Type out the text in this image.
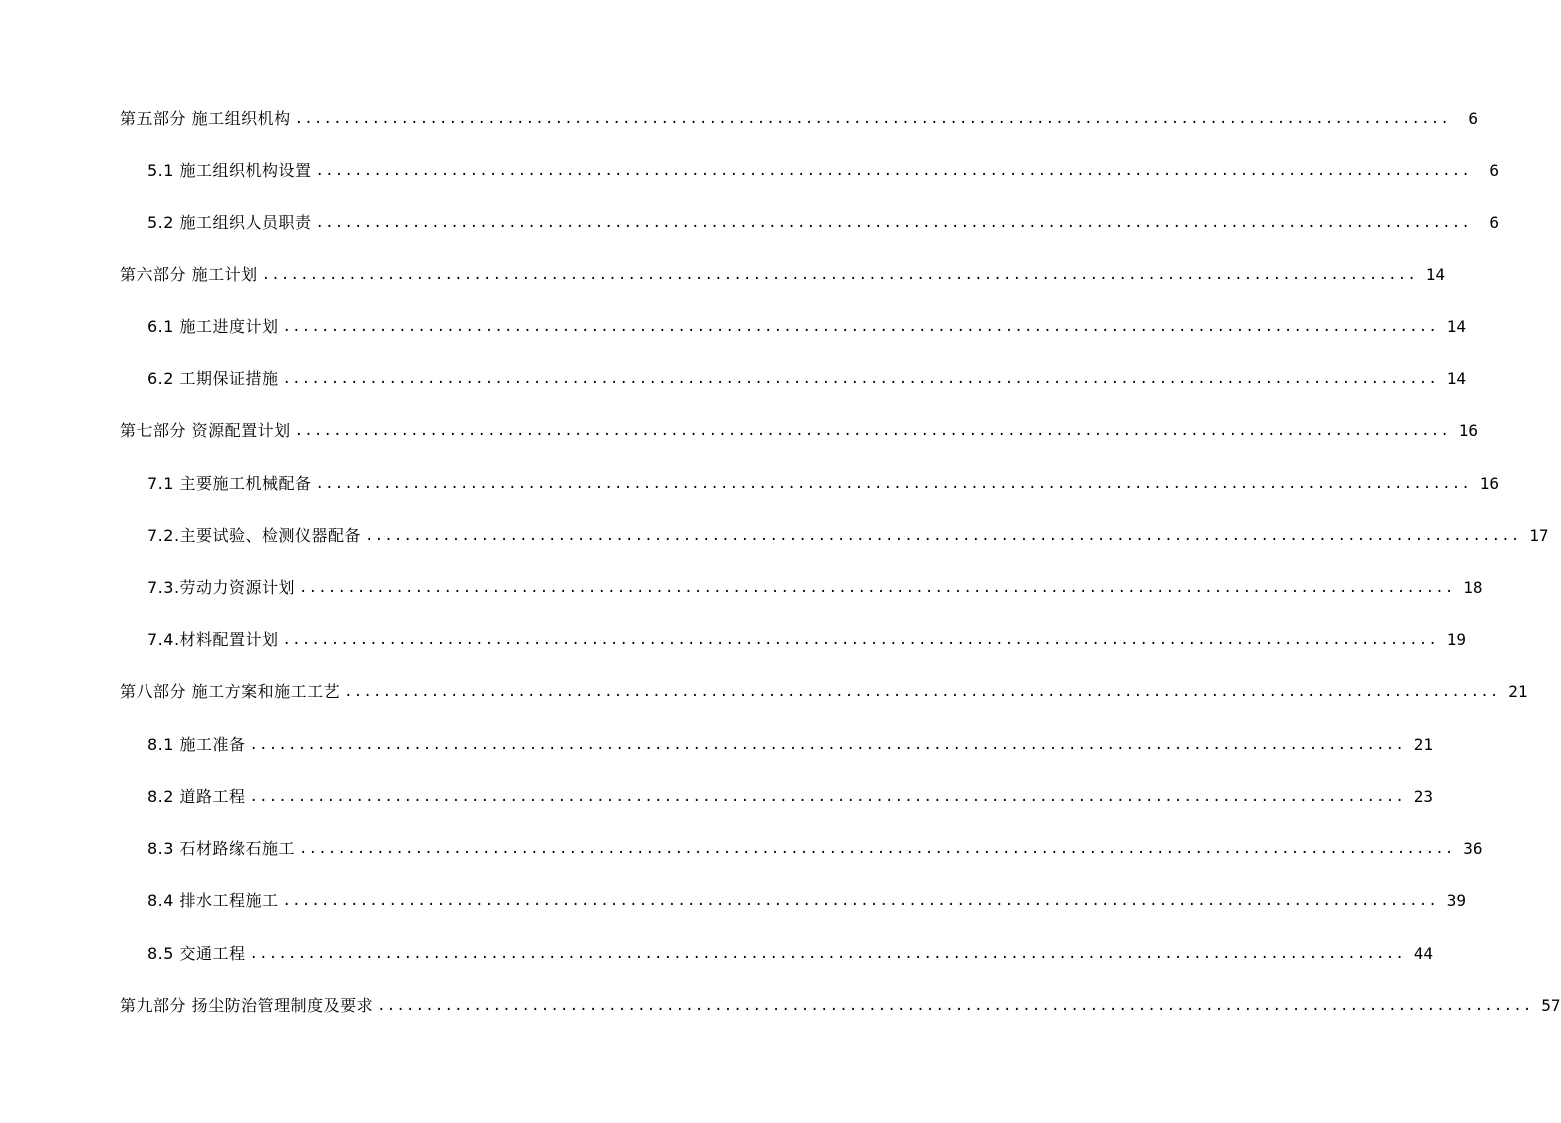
第五部分 施工组织机构 ........................................................................................................................	6
5.1 施工组织机构设置 ........................................................................................................................	6
5.2 施工组织人员职责 ........................................................................................................................	6
第六部分 施工计划 ........................................................................................................................ 14
6.1 施工进度计划 ........................................................................................................................ 14
6.2 工期保证措施 ........................................................................................................................ 14
第七部分 资源配置计划 ........................................................................................................................ 16
7.1 主要施工机械配备 ........................................................................................................................ 16
7.2.主要试验、检测仪器配备 ........................................................................................................................ 17
7.3.劳动力资源计划 ........................................................................................................................ 18
7.4.材料配置计划 ........................................................................................................................ 19
第八部分 施工方案和施工工艺 ........................................................................................................................ 21
8.1 施工准备 ........................................................................................................................ 21
8.2 道路工程 ........................................................................................................................ 23
8.3 石材路缘石施工 ........................................................................................................................ 36
8.4 排水工程施工 ........................................................................................................................ 39
8.5 交通工程 ........................................................................................................................ 44
第九部分 扬尘防治管理制度及要求 ........................................................................................................................ 57
